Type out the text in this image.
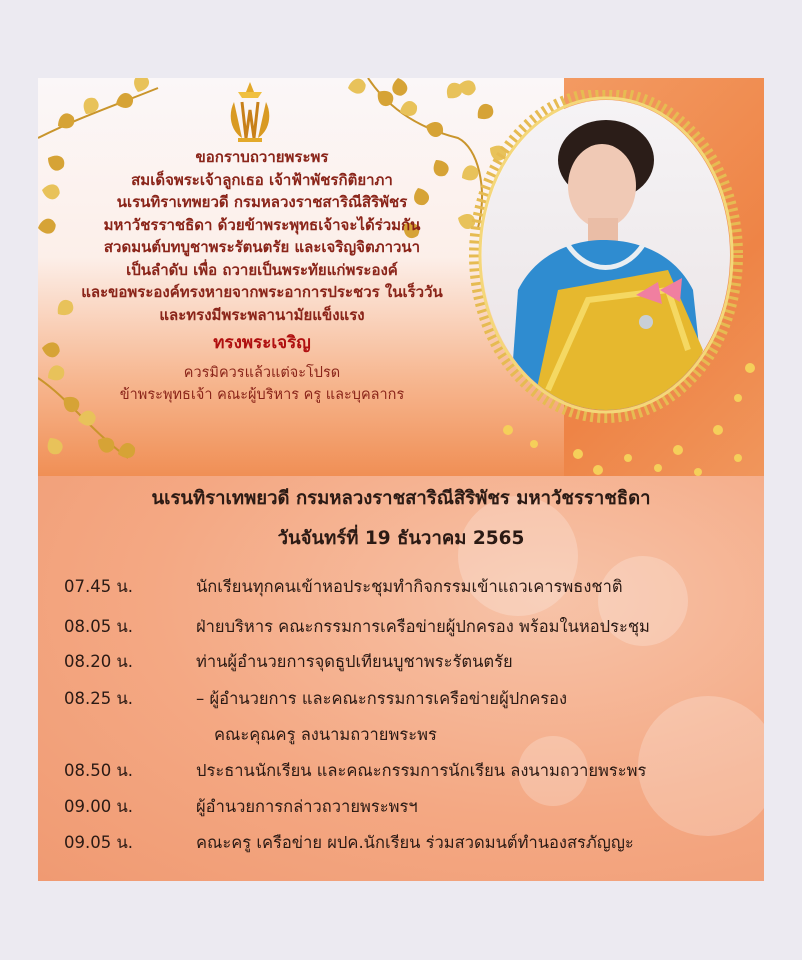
ขอกราบถวายพระพร
สมเด็จพระเจ้าลูกเธอ เจ้าฟ้าพัชรกิติยาภา
นเรนทิราเทพยวดี กรมหลวงราชสาริณีสิริพัชร
มหาวัชรราชธิดา ด้วยข้าพระพุทธเจ้าจะได้ร่วมกัน
สวดมนต์บทบูชาพระรัตนตรัย และเจริญจิตภาวนา
เป็นลำดับ เพื่อ ถวายเป็นพระทัยแก่พระองค์
และขอพระองค์ทรงหายจากพระอาการประชวร ในเร็ววัน
และทรงมีพระพลานามัยแข็งแรง
ทรงพระเจริญ
ควรมิควรแล้วแต่จะโปรด
ข้าพระพุทธเจ้า คณะผู้บริหาร ครู และบุคลากร
นเรนทิราเทพยวดี กรมหลวงราชสาริณีสิริพัชร มหาวัชรราชธิดา
วันจันทร์ที่ 19 ธันวาคม 2565
07.45 น.	นักเรียนทุกคนเข้าหอประชุมทำกิจกรรมเข้าแถวเคารพธงชาติ
08.05 น.	ฝ่ายบริหาร คณะกรรมการเครือข่ายผู้ปกครอง พร้อมในหอประชุม
08.20 น.	ท่านผู้อำนวยการจุดธูปเทียนบูชาพระรัตนตรัย
08.25 น.	– ผู้อำนวยการ และคณะกรรมการเครือข่ายผู้ปกครอง
คณะคุณครู ลงนามถวายพระพร
08.50 น.	ประธานนักเรียน และคณะกรรมการนักเรียน ลงนามถวายพระพร
09.00 น.	ผู้อำนวยการกล่าวถวายพระพรฯ
09.05 น.	คณะครู เครือข่าย ผปค.นักเรียน ร่วมสวดมนต์ทำนองสรภัญญะ
